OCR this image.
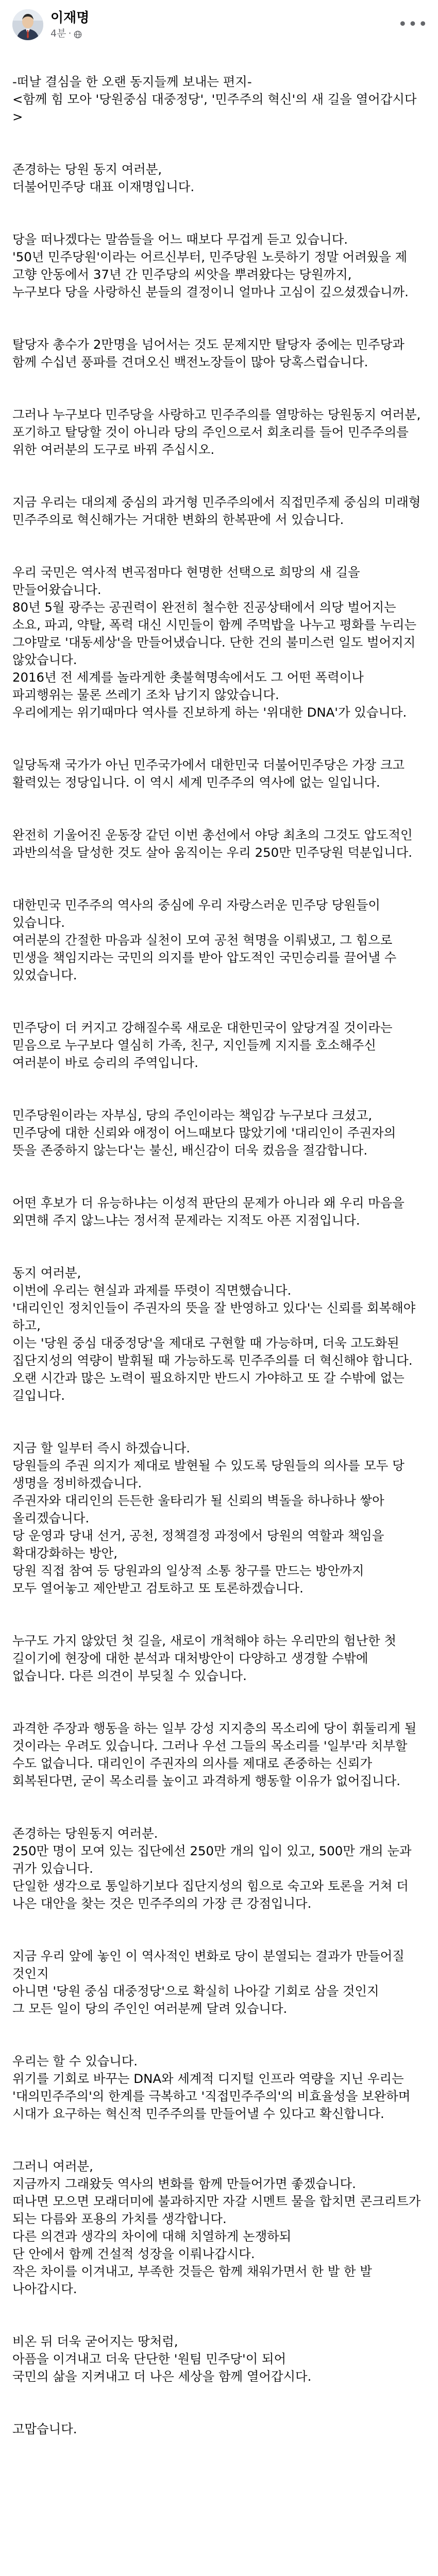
이재명
4분 ·	•••

-떠날 결심을 한 오랜 동지들께 보내는 편지-
<함께 힘 모아 '당원중심 대중정당', '민주주의 혁신'의 새 길을 열어갑시다>

존경하는 당원 동지 여러분,
더불어민주당 대표 이재명입니다.

당을 떠나겠다는 말씀들을 어느 때보다 무겁게 듣고 있습니다.
'50년 민주당원'이라는 어르신부터, 민주당원 노릇하기 정말 어려웠을 제 고향 안동에서 37년 간 민주당의 씨앗을 뿌려왔다는 당원까지,
누구보다 당을 사랑하신 분들의 결정이니 얼마나 고심이 깊으셨겠습니까.

탈당자 총수가 2만명을 넘어서는 것도 문제지만 탈당자 중에는 민주당과 함께 수십년 풍파를 견뎌오신 백전노장들이 많아 당혹스럽습니다.

그러나 누구보다 민주당을 사랑하고 민주주의를 열망하는 당원동지 여러분, 포기하고 탈당할 것이 아니라 당의 주인으로서 회초리를 들어 민주주의를 위한 여러분의 도구로 바꿔 주십시오.

지금 우리는 대의제 중심의 과거형 민주주의에서 직접민주제 중심의 미래형 민주주의로 혁신해가는 거대한 변화의 한복판에 서 있습니다.

우리 국민은 역사적 변곡점마다 현명한 선택으로 희망의 새 길을 만들어왔습니다.
80년 5월 광주는 공권력이 완전히 철수한 진공상태에서 의당 벌어지는 소요, 파괴, 약탈, 폭력 대신 시민들이 함께 주먹밥을 나누고 평화를 누리는 그야말로 '대동세상'을 만들어냈습니다. 단한 건의 불미스런 일도 벌어지지 않았습니다.
2016년 전 세계를 놀라게한 촛불혁명속에서도 그 어떤 폭력이나 파괴행위는 물론 쓰레기 조차 남기지 않았습니다.
우리에게는 위기때마다 역사를 진보하게 하는 '위대한 DNA'가 있습니다.

일당독재 국가가 아닌 민주국가에서 대한민국 더불어민주당은 가장 크고 활력있는 정당입니다. 이 역시 세계 민주주의 역사에 없는 일입니다.

완전히 기울어진 운동장 같던 이번 총선에서 야당 최초의 그것도 압도적인 과반의석을 달성한 것도 살아 움직이는 우리 250만 민주당원 덕분입니다.

대한민국 민주주의 역사의 중심에 우리 자랑스러운 민주당 당원들이 있습니다.
여러분의 간절한 마음과 실천이 모여 공천 혁명을 이뤄냈고, 그 힘으로 민생을 책임지라는 국민의 의지를 받아 압도적인 국민승리를 끌어낼 수 있었습니다.

민주당이 더 커지고 강해질수록 새로운 대한민국이 앞당겨질 것이라는 믿음으로 누구보다 열심히 가족, 친구, 지인들께 지지를 호소해주신 여러분이 바로 승리의 주역입니다.

민주당원이라는 자부심, 당의 주인이라는 책임감 누구보다 크셨고, 민주당에 대한 신뢰와 애정이 어느때보다 많았기에 '대리인이 주권자의 뜻을 존중하지 않는다'는 불신, 배신감이 더욱 컸음을 절감합니다.

어떤 후보가 더 유능하냐는 이성적 판단의 문제가 아니라 왜 우리 마음을 외면해 주지 않느냐는 정서적 문제라는 지적도 아픈 지점입니다.

동지 여러분,
이번에 우리는 현실과 과제를 뚜렷이 직면했습니다.
'대리인인 정치인들이 주권자의 뜻을 잘 반영하고 있다'는 신뢰를 회복해야 하고,
이는 '당원 중심 대중정당'을 제대로 구현할 때 가능하며, 더욱 고도화된 집단지성의 역량이 발휘될 때 가능하도록 민주주의를 더 혁신해야 합니다.
오랜 시간과 많은 노력이 필요하지만 반드시 가야하고 또 갈 수밖에 없는 길입니다.

지금 할 일부터 즉시 하겠습니다.
당원들의 주권 의지가 제대로 발현될 수 있도록 당원들의 의사를 모두 당 생명을 정비하겠습니다.
주권자와 대리인의 든든한 울타리가 될 신뢰의 벽돌을 하나하나 쌓아 올리겠습니다.
당 운영과 당내 선거, 공천, 정책결정 과정에서 당원의 역할과 책임을 확대강화하는 방안,
당원 직접 참여 등 당원과의 일상적 소통 창구를 만드는 방안까지
모두 열어놓고 제안받고 검토하고 또 토론하겠습니다.

누구도 가지 않았던 첫 길을, 새로이 개척해야 하는 우리만의 험난한 첫 길이기에 현장에 대한 분석과 대처방안이 다양하고 생경할 수밖에 없습니다. 다른 의견이 부딪칠 수 있습니다.

과격한 주장과 행동을 하는 일부 강성 지지층의 목소리에 당이 휘둘리게 될 것이라는 우려도 있습니다. 그러나 우선 그들의 목소리를 '일부'라 치부할 수도 없습니다. 대리인이 주권자의 의사를 제대로 존중하는 신뢰가 회복된다면, 굳이 목소리를 높이고 과격하게 행동할 이유가 없어집니다.

존경하는 당원동지 여러분.
250만 명이 모여 있는 집단에선 250만 개의 입이 있고, 500만 개의 눈과 귀가 있습니다.
단일한 생각으로 통일하기보다 집단지성의 힘으로 숙고와 토론을 거쳐 더 나은 대안을 찾는 것은 민주주의의 가장 큰 강점입니다.

지금 우리 앞에 놓인 이 역사적인 변화로 당이 분열되는 결과가 만들어질 것인지
아니면 '당원 중심 대중정당'으로 확실히 나아갈 기회로 삼을 것인지
그 모든 일이 당의 주인인 여러분께 달려 있습니다.

우리는 할 수 있습니다.
위기를 기회로 바꾸는 DNA와 세계적 디지털 인프라 역량을 지닌 우리는
'대의민주주의'의 한계를 극복하고 '직접민주주의'의 비효율성을 보완하며
시대가 요구하는 혁신적 민주주의를 만들어낼 수 있다고 확신합니다.

그러니 여러분,
지금까지 그래왔듯 역사의 변화를 함께 만들어가면 좋겠습니다.
떠나면 모으면 모래더미에 불과하지만 자갈 시멘트 물을 합치면 콘크리트가 되는 다름와 포용의 가치를 생각합니다.
다른 의견과 생각의 차이에 대해 치열하게 논쟁하되
단 안에서 함께 건설적 성장을 이뤄나갑시다.
작은 차이를 이겨내고, 부족한 것들은 함께 채워가면서 한 발 한 발 나아갑시다.

비온 뒤 더욱 굳어지는 땅처럼,
아픔을 이겨내고 더욱 단단한 '원팀 민주당'이 되어
국민의 삶을 지켜내고 더 나은 세상을 함께 열어갑시다.

고맙습니다.
